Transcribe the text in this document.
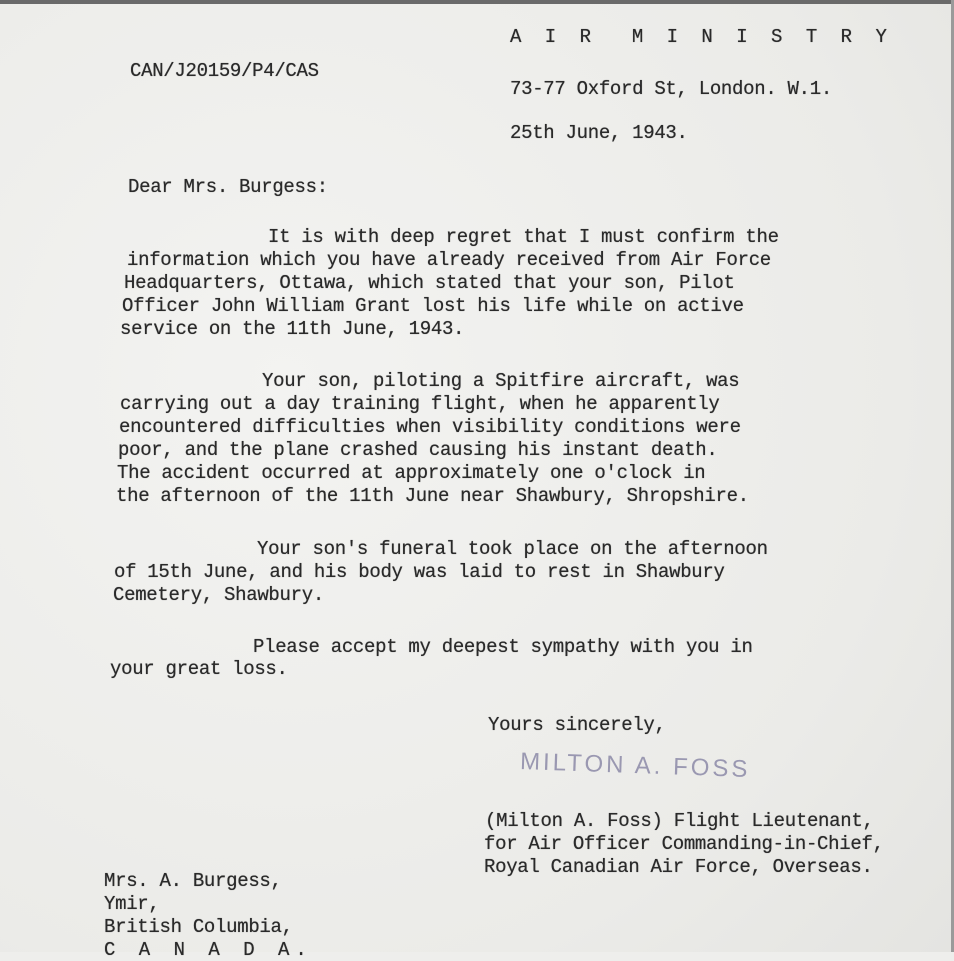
A I R  M I N I S T R Y
CAN/J20159/P4/CAS
73-77 Oxford St, London. W.1.
25th June, 1943.
Dear Mrs. Burgess:
It is with deep regret that I must confirm the
information which you have already received from Air Force
Headquarters, Ottawa, which stated that your son, Pilot
Officer John William Grant lost his life while on active
service on the 11th June, 1943.
Your son, piloting a Spitfire aircraft, was
carrying out a day training flight, when he apparently
encountered difficulties when visibility conditions were
poor, and the plane crashed causing his instant death.
The accident occurred at approximately one o'clock in
the afternoon of the 11th June near Shawbury, Shropshire.
Your son's funeral took place on the afternoon
of 15th June, and his body was laid to rest in Shawbury
Cemetery, Shawbury.
Please accept my deepest sympathy with you in
your great loss.
Yours sincerely,
MILTON A. FOSS
(Milton A. Foss) Flight Lieutenant,
for Air Officer Commanding-in-Chief,
Royal Canadian Air Force, Overseas.
Mrs. A. Burgess,
Ymir,
British Columbia,
C A N A D A.
